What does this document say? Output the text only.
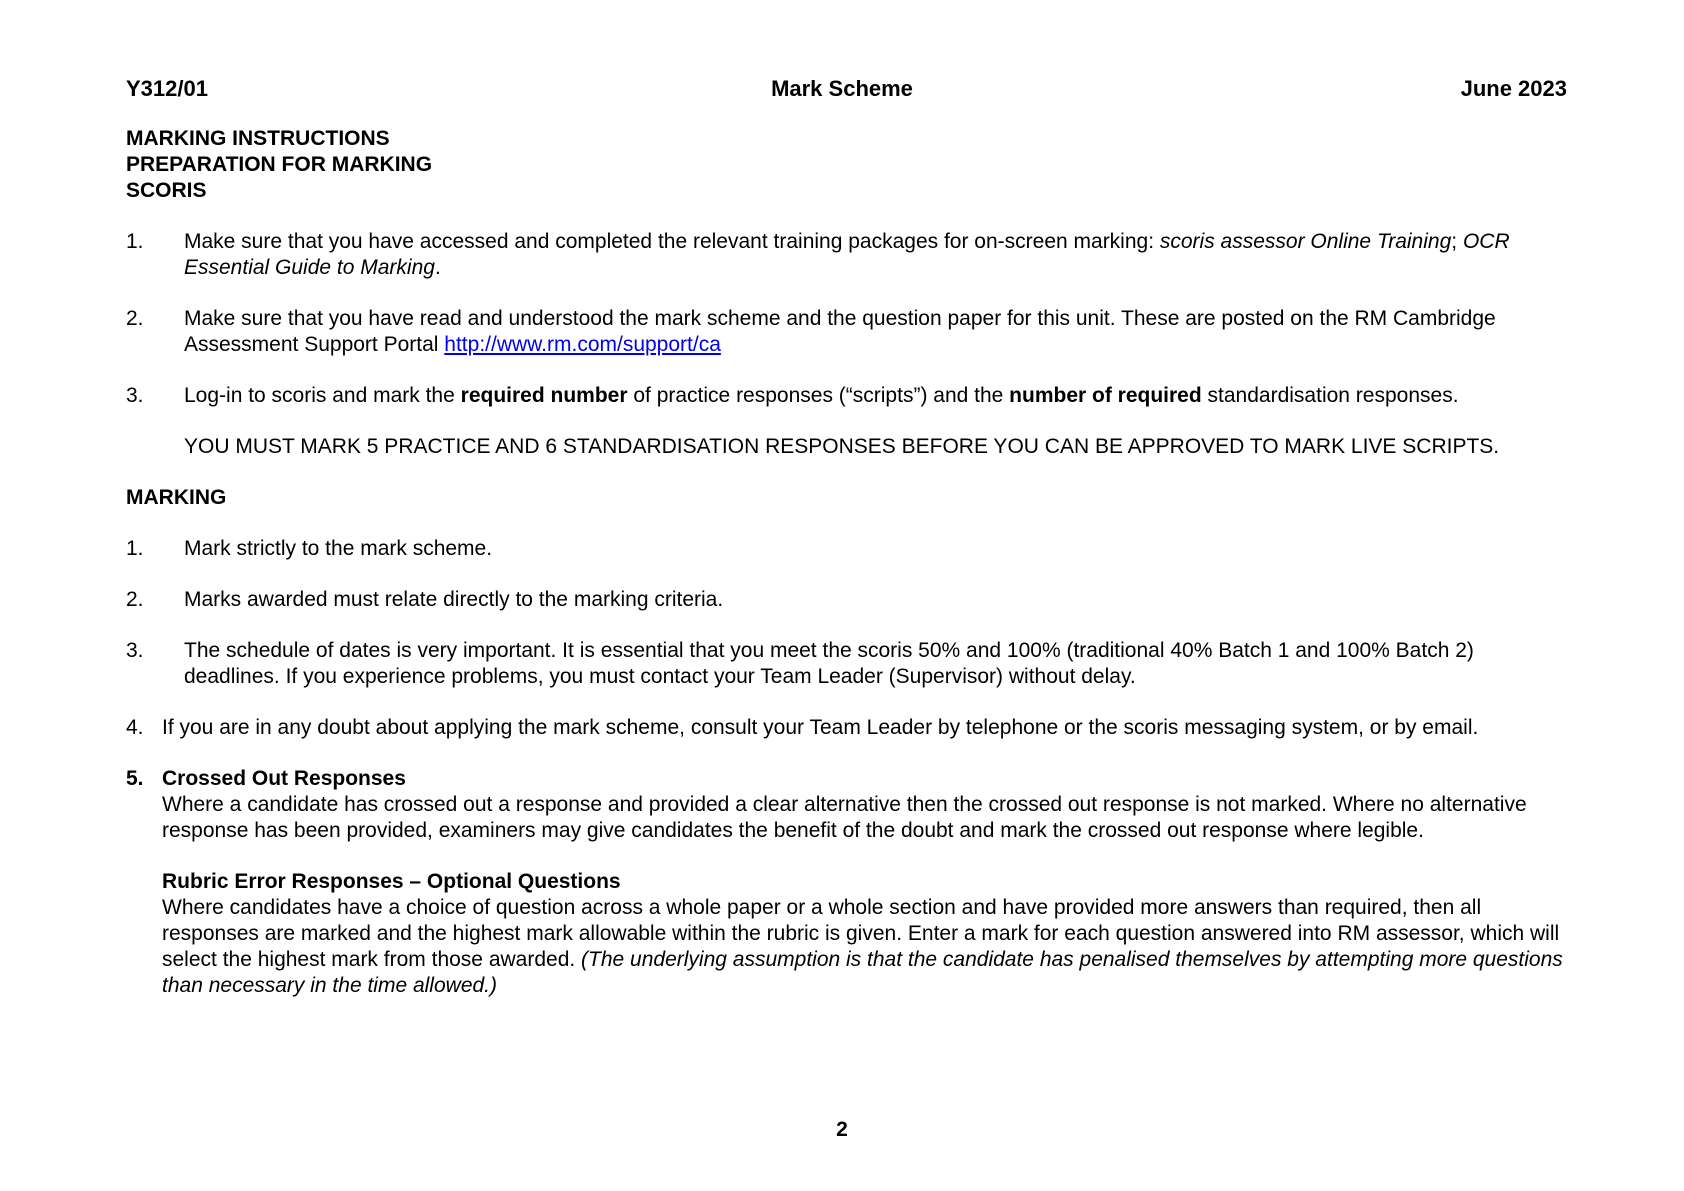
Y312/01	Mark Scheme	June 2023
MARKING INSTRUCTIONS
PREPARATION FOR MARKING
SCORIS
1. Make sure that you have accessed and completed the relevant training packages for on-screen marking: scoris assessor Online Training; OCR Essential Guide to Marking.
2. Make sure that you have read and understood the mark scheme and the question paper for this unit. These are posted on the RM Cambridge Assessment Support Portal http://www.rm.com/support/ca
3. Log-in to scoris and mark the required number of practice responses (“scripts”) and the number of required standardisation responses.
YOU MUST MARK 5 PRACTICE AND 6 STANDARDISATION RESPONSES BEFORE YOU CAN BE APPROVED TO MARK LIVE SCRIPTS.
MARKING
1. Mark strictly to the mark scheme.
2. Marks awarded must relate directly to the marking criteria.
3. The schedule of dates is very important. It is essential that you meet the scoris 50% and 100% (traditional 40% Batch 1 and 100% Batch 2) deadlines. If you experience problems, you must contact your Team Leader (Supervisor) without delay.
4. If you are in any doubt about applying the mark scheme, consult your Team Leader by telephone or the scoris messaging system, or by email.
5. Crossed Out Responses
Where a candidate has crossed out a response and provided a clear alternative then the crossed out response is not marked. Where no alternative response has been provided, examiners may give candidates the benefit of the doubt and mark the crossed out response where legible.
Rubric Error Responses – Optional Questions
Where candidates have a choice of question across a whole paper or a whole section and have provided more answers than required, then all responses are marked and the highest mark allowable within the rubric is given. Enter a mark for each question answered into RM assessor, which will select the highest mark from those awarded. (The underlying assumption is that the candidate has penalised themselves by attempting more questions than necessary in the time allowed.)
2
